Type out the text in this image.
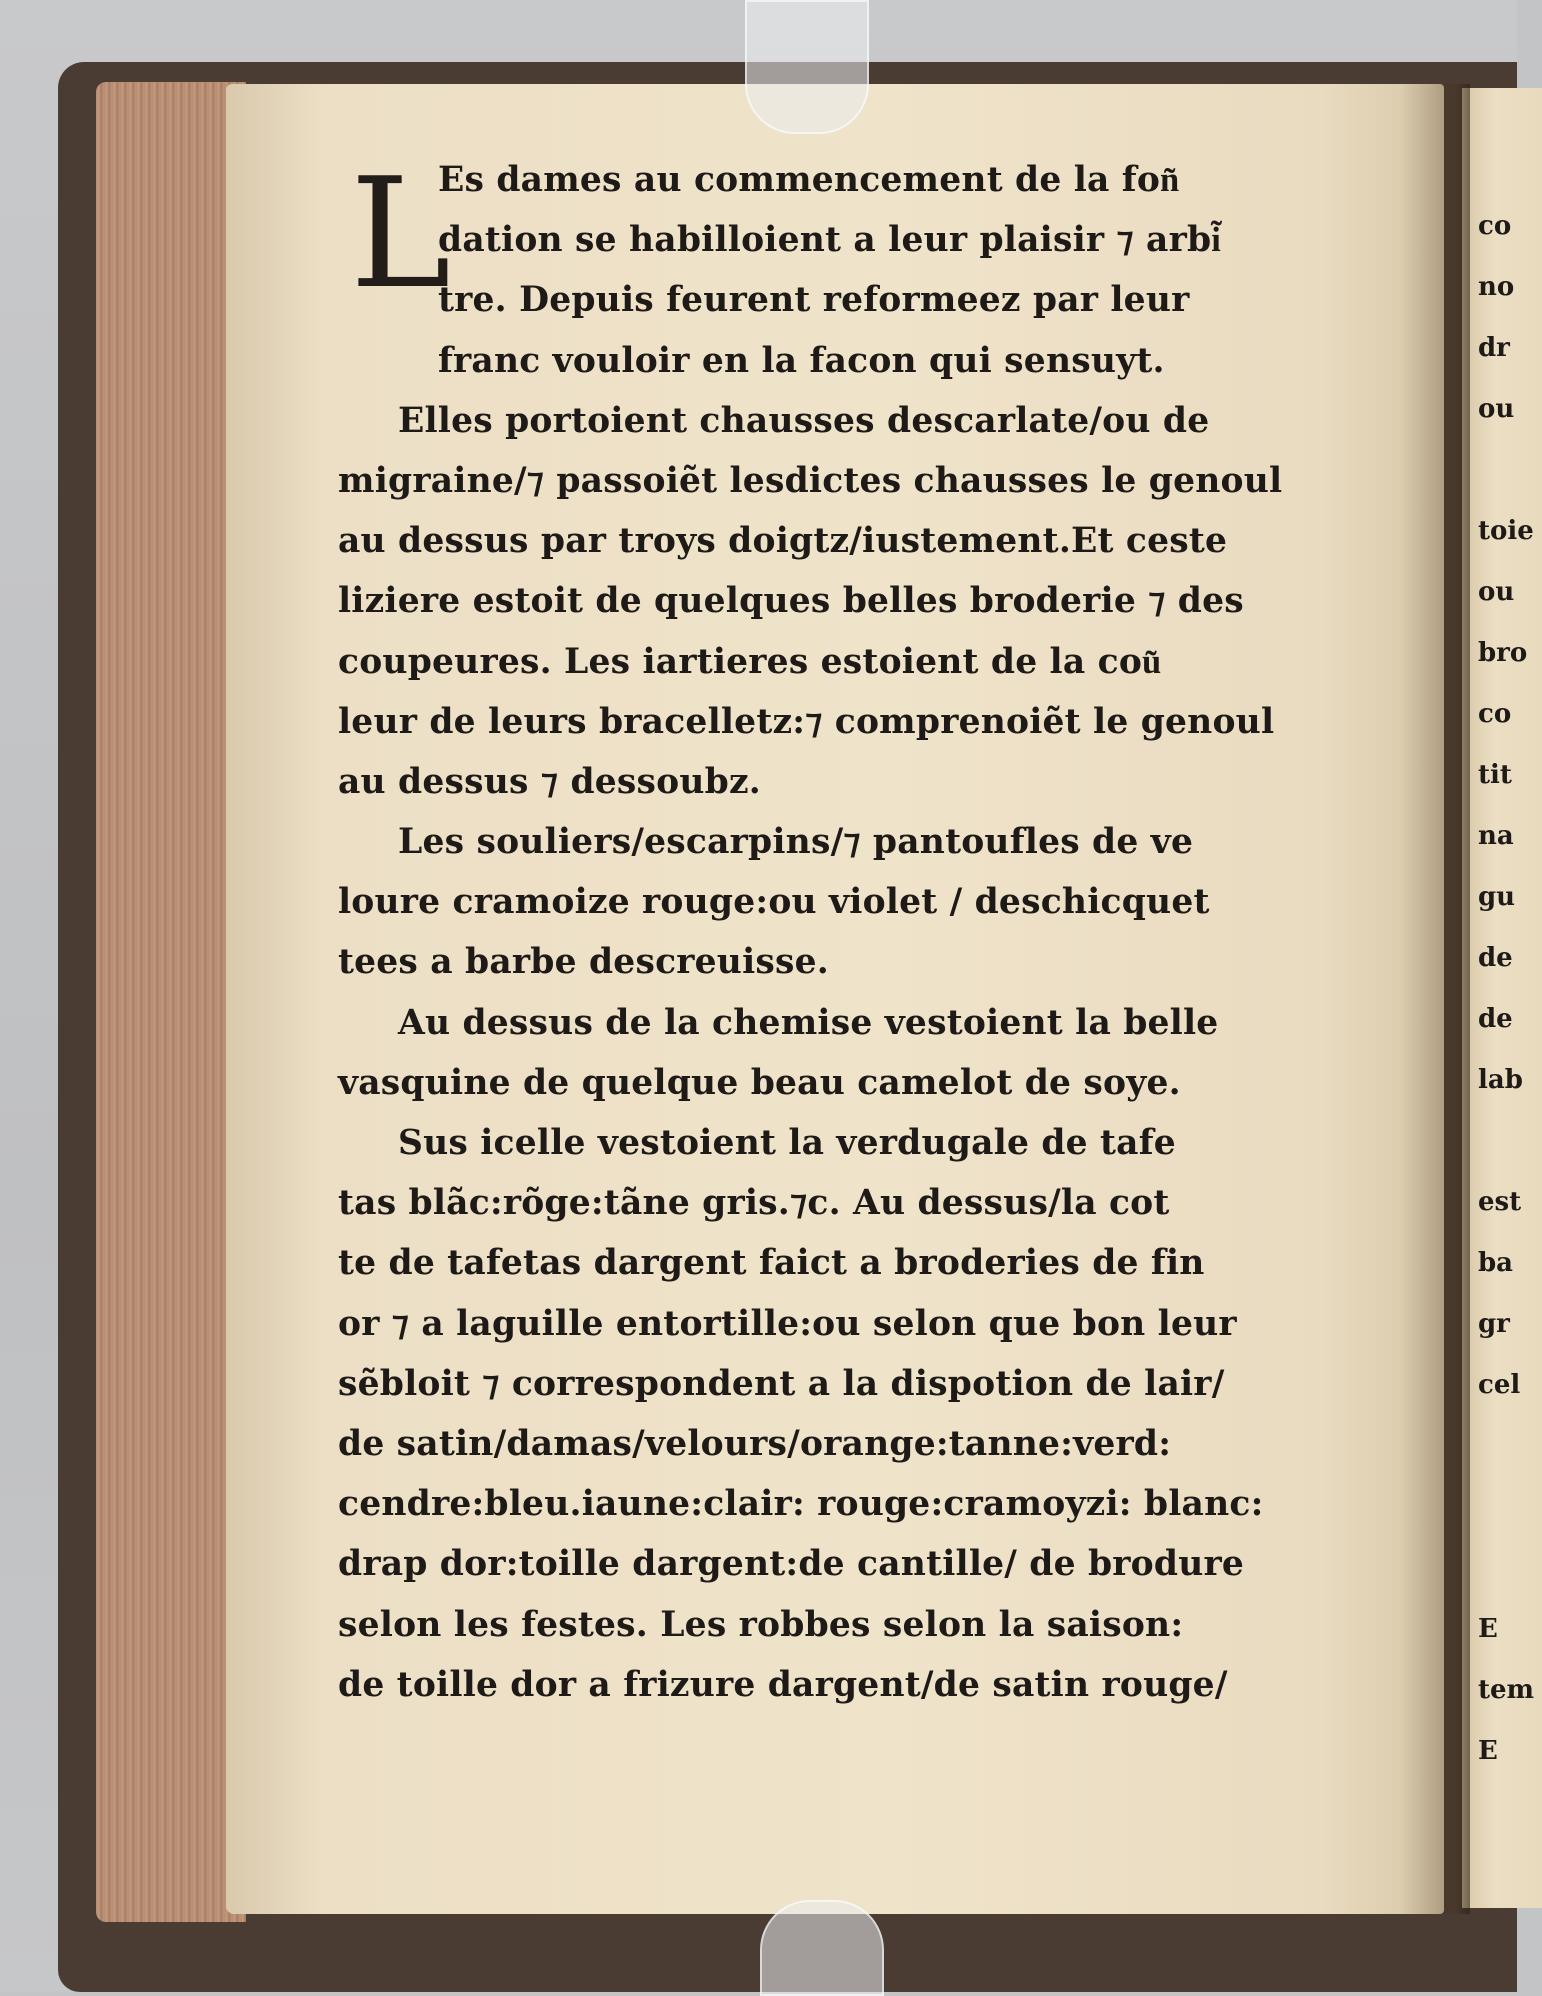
L
Es dames au commencement de la fon͂
dation se habilloient a leur plaisir ⁊ arbi͂
tre. Depuis feurent reformeez par leur
franc vouloir en la facon qui sensuyt.
Elles portoient chausses descarlate/ou de
migraine/⁊ passoiẽt lesdictes chausses le genoul
au dessus par troys doigtz/iustement.Et ceste
liziere estoit de quelques belles broderie ⁊ des
coupeures. Les iartieres estoient de la cou͂
leur de leurs bracelletz:⁊ comprenoiẽt le genoul
au dessus ⁊ dessoubz.
Les souliers/escarpins/⁊ pantoufles de ve
loure cramoize rouge:ou violet / deschicquet
tees a barbe descreuisse.
Au dessus de la chemise vestoient la belle
vasquine de quelque beau camelot de soye.
Sus icelle vestoient la verdugale de tafe
tas blãc:rõge:tãne gris.⁊c. Au dessus/la cot
te de tafetas dargent faict a broderies de fin
or ⁊ a laguille entortille:ou selon que bon leur
sẽbloit ⁊ correspondent a la dispotion de lair/
de satin/damas/velours/orange:tanne:verd:
cendre:bleu.iaune:clair: rouge:cramoyzi: blanc:
drap dor:toille dargent:de cantille/ de brodure
selon les festes. Les robbes selon la saison:
de toille dor a frizure dargent/de satin rouge/
co
no
dr
ou
toie
ou
bro
co
tit
na
gu
de
de
lab
est
ba
gr
cel
E
tem
E
